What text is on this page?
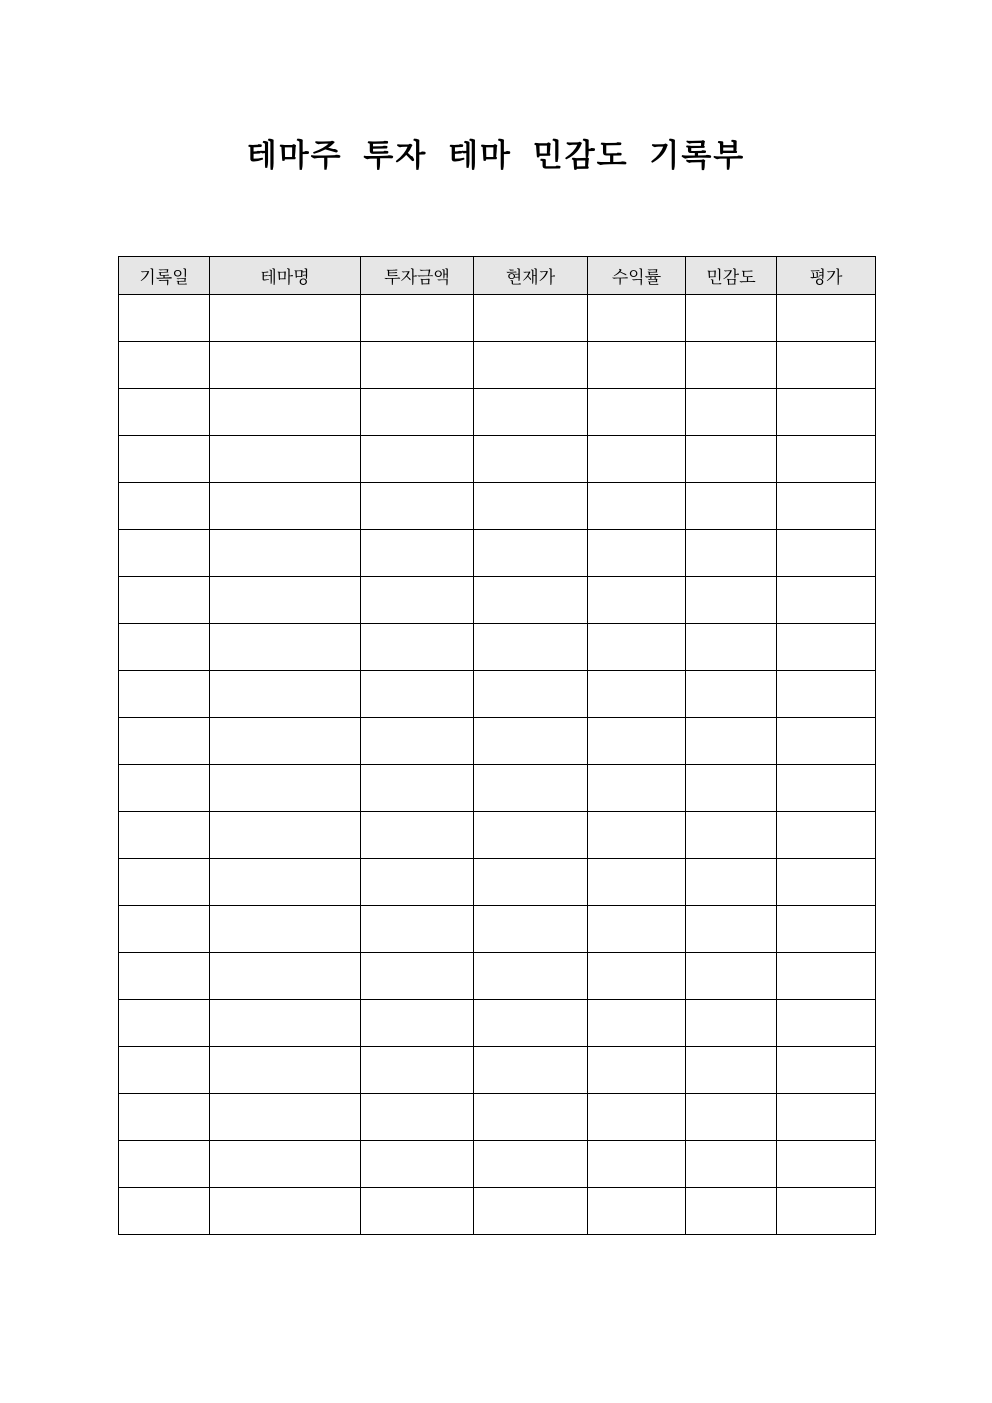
테마주 투자 테마 민감도 기록부
기록일	테마명	투자금액	현재가	수익률	민감도	평가
